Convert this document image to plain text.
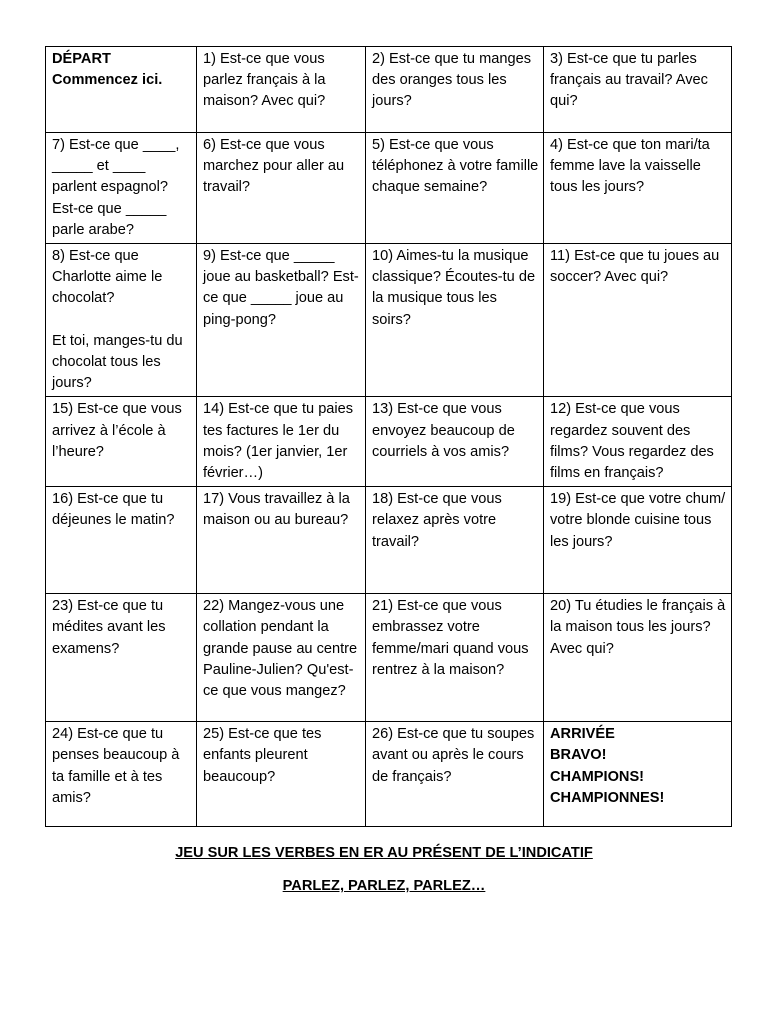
DÉPART
Commencez ici.	1) Est-ce que vous parlez français à la maison? Avec qui?	2) Est-ce que tu manges des oranges tous les jours?	3) Est-ce que tu parles français au travail? Avec qui?

7) Est-ce que ____, _____ et ____ parlent espagnol? Est-ce que _____ parle arabe?	6) Est-ce que vous marchez pour aller au travail?	5) Est-ce que vous téléphonez à votre famille chaque semaine?	4) Est-ce que ton mari/ta femme lave la vaisselle tous les jours?

8) Est-ce que Charlotte aime le chocolat?
Et toi, manges-tu du chocolat tous les jours?	9) Est-ce que _____ joue au basketball? Est-ce que _____ joue au ping-pong?	10) Aimes-tu la musique classique? Écoutes-tu de la musique tous les soirs?	11) Est-ce que tu joues au soccer? Avec qui?

15) Est-ce que vous arrivez à l’école à l’heure?	14) Est-ce que tu paies tes factures le 1er du mois? (1er janvier, 1er février…)	13) Est-ce que vous envoyez beaucoup de courriels à vos amis?	12) Est-ce que vous regardez souvent des films? Vous regardez des films en français?

16) Est-ce que tu déjeunes le matin?	17) Vous travaillez à la maison ou au bureau?	18) Est-ce que vous relaxez après votre travail?	19) Est-ce que votre chum/ votre blonde cuisine tous les jours?

23) Est-ce que tu médites avant les examens?	22) Mangez-vous une collation pendant la grande pause au centre Pauline-Julien? Qu'est-ce que vous mangez?	21) Est-ce que vous embrassez votre femme/mari quand vous rentrez à la maison?	20) Tu étudies le français à la maison tous les jours? Avec qui?

24) Est-ce que tu penses beaucoup à ta famille et à tes amis?	25) Est-ce que tes enfants pleurent beaucoup?	26) Est-ce que tu soupes avant ou après le cours de français?	ARRIVÉE
BRAVO!
CHAMPIONS!
CHAMPIONNES!
JEU SUR LES VERBES EN ER AU PRÉSENT DE L’INDICATIF
PARLEZ, PARLEZ, PARLEZ…
